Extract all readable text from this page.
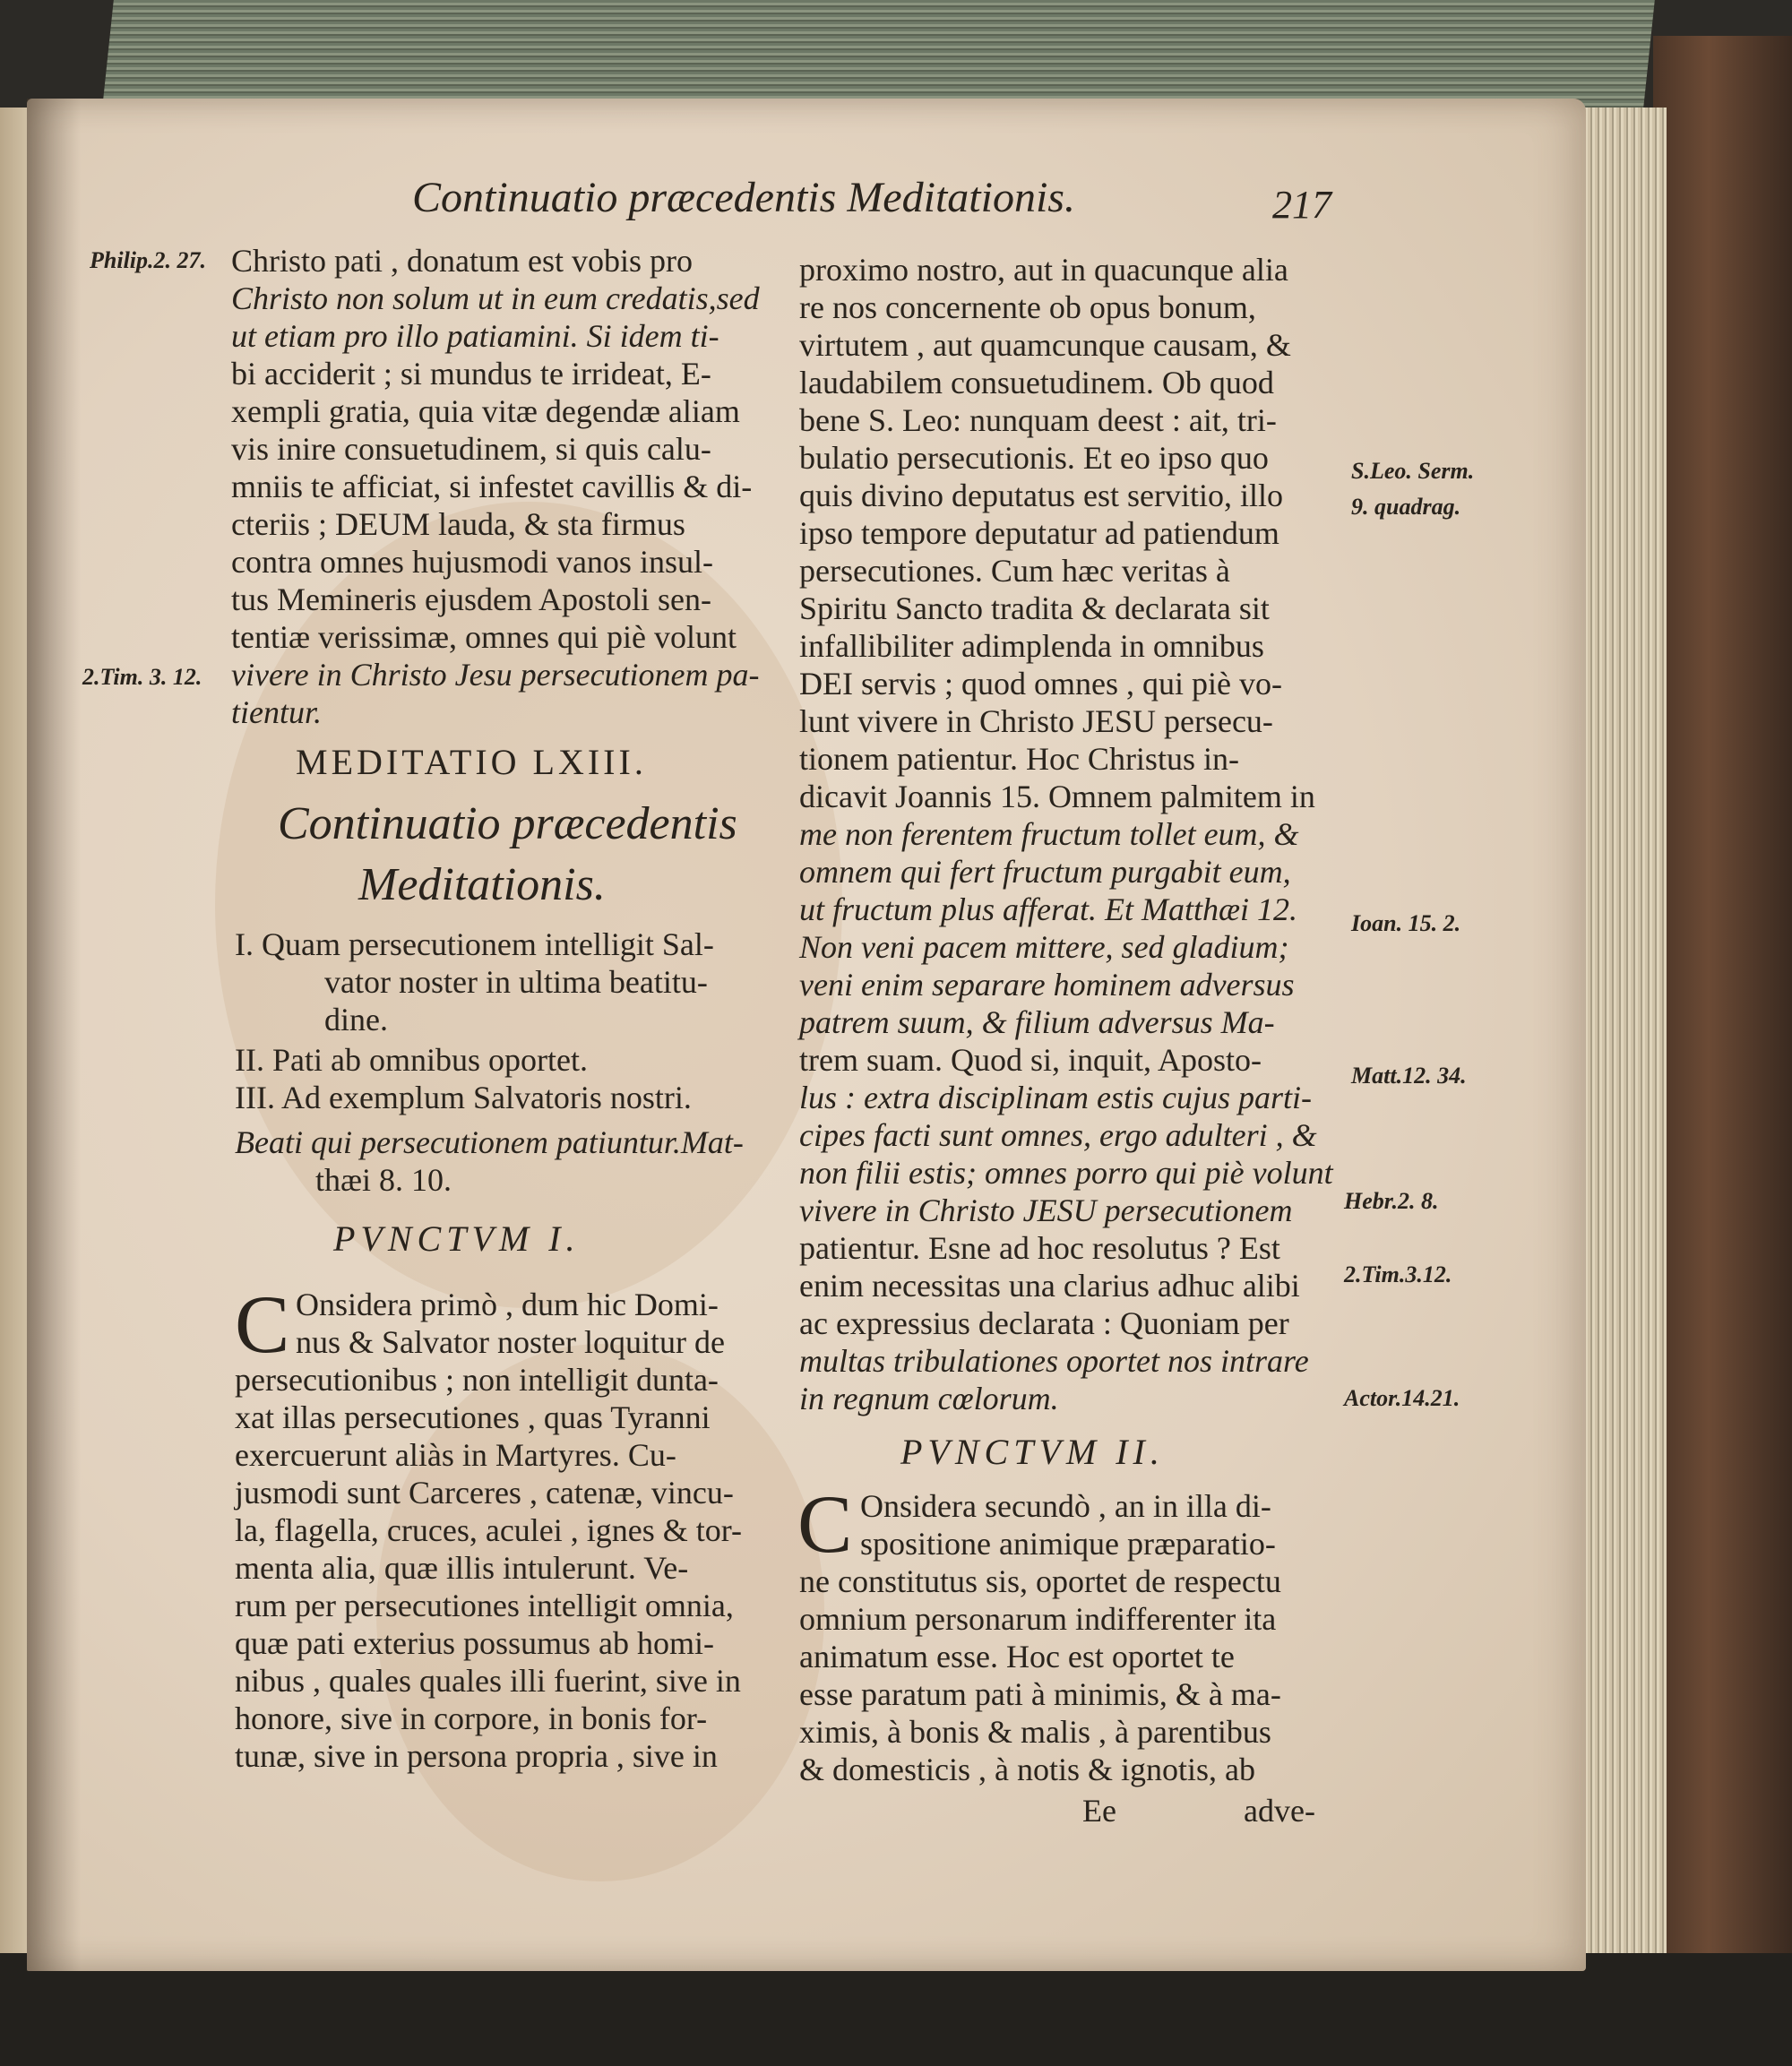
Continuatio præcedentis Meditationis.	217
Philip.2. 27.
2.Tim. 3. 12.
S.Leo. Serm.
9. quadrag.
Ioan. 15. 2.
Matt.12. 34.
Hebr.2. 8.
2.Tim.3.12.
Actor.14.21.
Christo pati , donatum est vobis pro
Christo non solum ut in eum credatis,sed
ut etiam pro illo patiamini. Si idem ti-
bi acciderit ; si mundus te irrideat, E-
xempli gratia, quia vitæ degendæ aliam
vis inire consuetudinem, si quis calu-
mniis te afficiat, si infestet cavillis & di-
cteriis ; DEUM lauda, & sta firmus
contra omnes hujusmodi vanos insul-
tus Memineris ejusdem Apostoli sen-
tentiæ verissimæ, omnes qui piè volunt
vivere in Christo Jesu persecutionem pa-
tientur.
MEDITATIO LXIII.
Continuatio præcedentis
Meditationis.
I. Quam persecutionem intelligit Sal-
vator noster in ultima beatitu-
dine.
II. Pati ab omnibus oportet.
III. Ad exemplum Salvatoris nostri.
Beati qui persecutionem patiuntur.Mat-
thæi 8. 10.
PVNCTVM I.
C Onsidera primò , dum hic Domi-
nus & Salvator noster loquitur de
persecutionibus ; non intelligit dunta-
xat illas persecutiones , quas Tyranni
exercuerunt aliàs in Martyres. Cu-
jusmodi sunt Carceres , catenæ, vincu-
la, flagella, cruces, aculei , ignes & tor-
menta alia, quæ illis intulerunt. Ve-
rum per persecutiones intelligit omnia,
quæ pati exterius possumus ab homi-
nibus , quales quales illi fuerint, sive in
honore, sive in corpore, in bonis for-
tunæ, sive in persona propria , sive in
proximo nostro, aut in quacunque alia
re nos concernente ob opus bonum,
virtutem , aut quamcunque causam, &
laudabilem consuetudinem. Ob quod
bene S. Leo: nunquam deest : ait, tri-
bulatio persecutionis. Et eo ipso quo
quis divino deputatus est servitio, illo
ipso tempore deputatur ad patiendum
persecutiones. Cum hæc veritas à
Spiritu Sancto tradita & declarata sit
infallibiliter adimplenda in omnibus
DEI servis ; quod omnes , qui piè vo-
lunt vivere in Christo JESU persecu-
tionem patientur. Hoc Christus in-
dicavit Joannis 15. Omnem palmitem in
me non ferentem fructum tollet eum, &
omnem qui fert fructum purgabit eum,
ut fructum plus afferat. Et Matthæi 12.
Non veni pacem mittere, sed gladium;
veni enim separare hominem adversus
patrem suum, & filium adversus Ma-
trem suam. Quod si, inquit, Aposto-
lus : extra disciplinam estis cujus parti-
cipes facti sunt omnes, ergo adulteri , &
non filii estis; omnes porro qui piè volunt
vivere in Christo JESU persecutionem
patientur. Esne ad hoc resolutus ? Est
enim necessitas una clarius adhuc alibi
ac expressius declarata : Quoniam per
multas tribulationes oportet nos intrare
in regnum cœlorum.
PVNCTVM II.
C Onsidera secundò , an in illa di-
spositione animique præparatio-
ne constitutus sis, oportet de respectu
omnium personarum indifferenter ita
animatum esse. Hoc est oportet te
esse paratum pati à minimis, & à ma-
ximis, à bonis & malis , à parentibus
& domesticis , à notis & ignotis, ab
Ee	adve-
